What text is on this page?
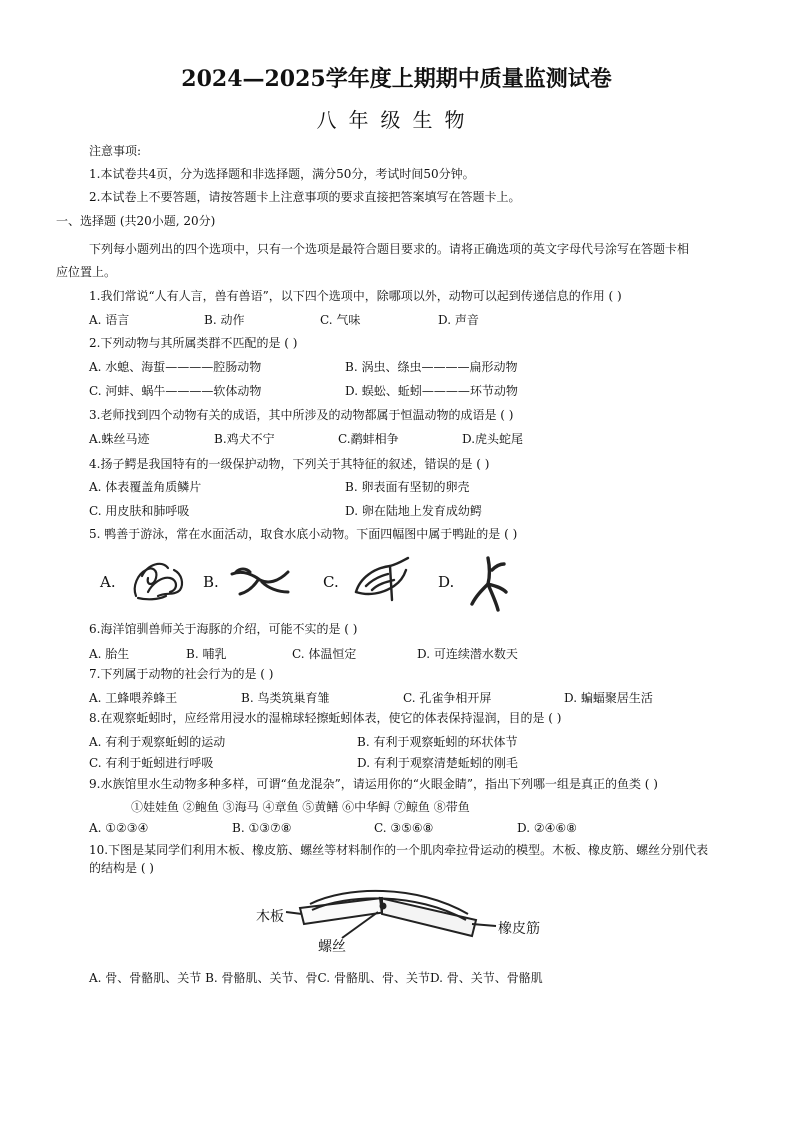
2024—2025学年度上期期中质量监测试卷
八年级生物
注意事项:
1.本试卷共4页，分为选择题和非选择题，满分50分，考试时间50分钟。
2.本试卷上不要答题，请按答题卡上注意事项的要求直接把答案填写在答题卡上。
一、选择题 (共20小题, 20分)
下列每小题列出的四个选项中，只有一个选项是最符合题目要求的。请将正确选项的英文字母代号涂写在答题卡相
应位置上。
1.我们常说“人有人言，兽有兽语”，以下四个选项中，除哪项以外，动物可以起到传递信息的作用 ( )
A. 语言	B. 动作	C. 气味	D. 声音
2.下列动物与其所属类群不匹配的是 ( )
A. 水螅、海蜇————腔肠动物	B. 涡虫、绦虫————扁形动物
C. 河蚌、蜗牛————软体动物	D. 蜈蚣、蚯蚓————环节动物
3.老师找到四个动物有关的成语，其中所涉及的动物都属于恒温动物的成语是 ( )
A.蛛丝马迹	B.鸡犬不宁	C.鹬蚌相争	D.虎头蛇尾
4.扬子鳄是我国特有的一级保护动物，下列关于其特征的叙述，错误的是 ( )
A. 体表覆盖角质鳞片	B. 卵表面有坚韧的卵壳
C. 用皮肤和肺呼吸	D. 卵在陆地上发育成幼鳄
5. 鸭善于游泳，常在水面活动，取食水底小动物。下面四幅图中属于鸭趾的是 ( )
A.	B.	C.	D.
6.海洋馆驯兽师关于海豚的介绍，可能不实的是 ( )
A. 胎生	B. 哺乳	C. 体温恒定	D. 可连续潜水数天
7.下列属于动物的社会行为的是 ( )
A. 工蜂喂养蜂王	B. 鸟类筑巢育雏	C. 孔雀争相开屏	D. 蝙蝠聚居生活
8.在观察蚯蚓时，应经常用浸水的湿棉球轻擦蚯蚓体表，使它的体表保持湿润，目的是 ( )
A. 有利于观察蚯蚓的运动	B. 有利于观察蚯蚓的环状体节
C. 有利于蚯蚓进行呼吸	D. 有利于观察清楚蚯蚓的刚毛
9.水族馆里水生动物多种多样，可谓“鱼龙混杂”，请运用你的“火眼金睛”，指出下列哪一组是真正的鱼类 ( )
①娃娃鱼 ②鲍鱼 ③海马 ④章鱼 ⑤黄鳝 ⑥中华鲟 ⑦鲸鱼 ⑧带鱼
A. ①②③④	B. ①③⑦⑧	C. ③⑤⑥⑧	D. ②④⑥⑧
10.下图是某同学们利用木板、橡皮筋、螺丝等材料制作的一个肌肉牵拉骨运动的模型。木板、橡皮筋、螺丝分别代表
的结构是 ( )
木板
螺丝
橡皮筋
A. 骨、骨骼肌、关节 B. 骨骼肌、关节、骨C. 骨骼肌、骨、关节D. 骨、关节、骨骼肌
